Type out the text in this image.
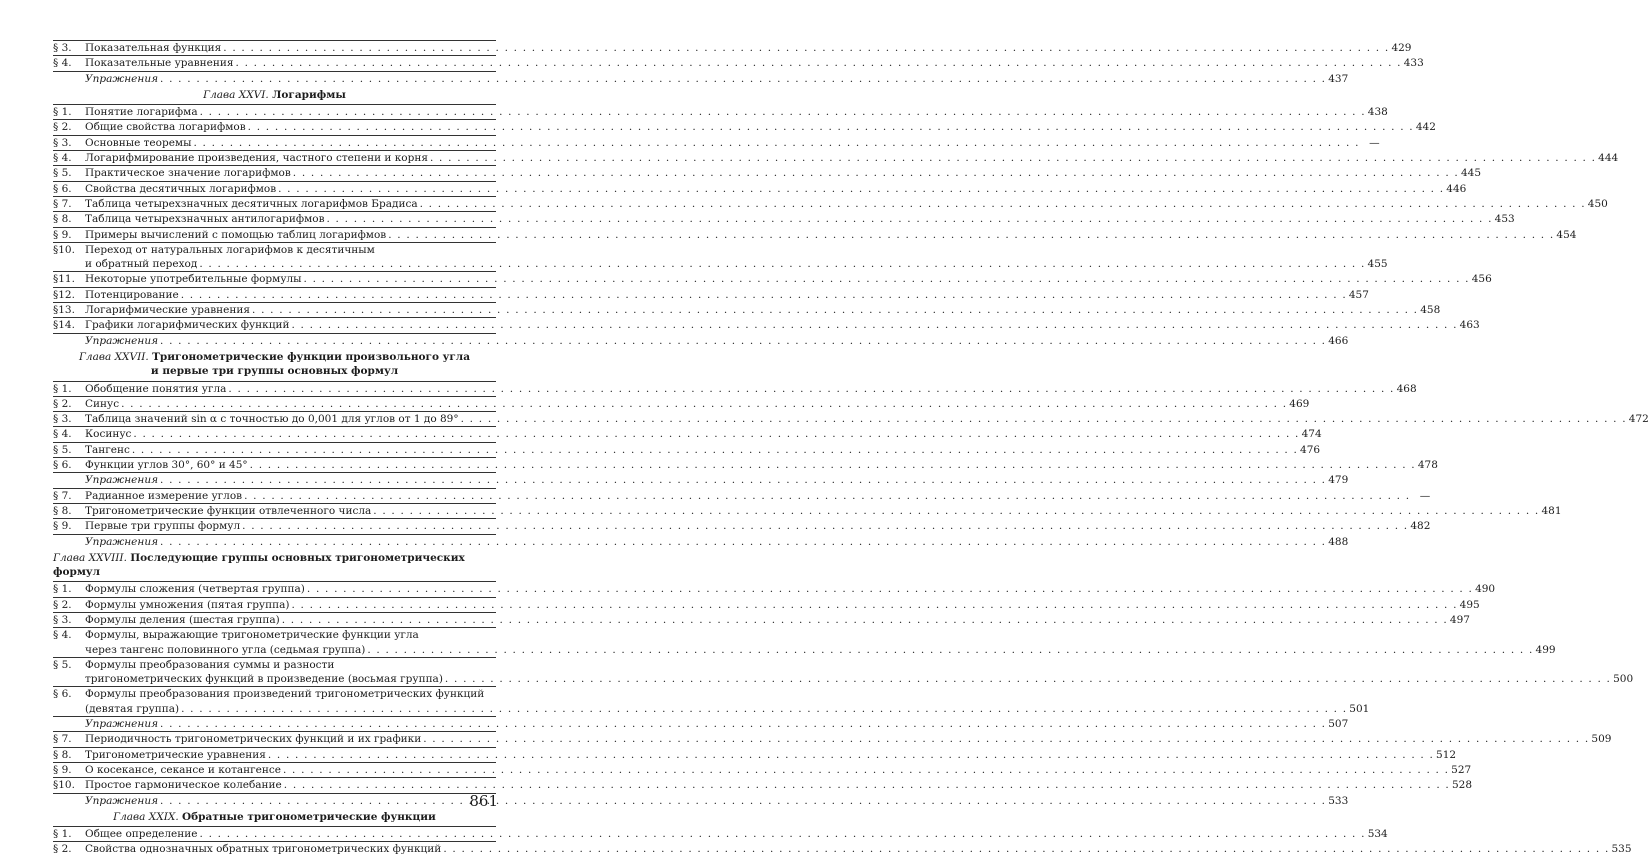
§ 3.	Показательная функция . . .	429
§ 4.	Показательные уравнения . . .	433
Упражнения . . .	437
Глава XXVI. Логарифмы
§ 1.	Понятие логарифма . . .	438
§ 2.	Общие свойства логарифмов . . .	442
§ 3.	Основные теоремы . . .	—
§ 4.	Логарифмирование произведения, частного степени и корня . . .	444
§ 5.	Практическое значение логарифмов . . .	445
§ 6.	Свойства десятичных логарифмов . . .	446
§ 7.	Таблица четырехзначных десятичных логарифмов Брадиса . . .	450
§ 8.	Таблица четырехзначных антилогарифмов . . .	453
§ 9.	Примеры вычислений с помощью таблиц логарифмов . . .	454
§10. Переход от натуральных логарифмов к десятичным
и обратный переход . . .	455
§11. Некоторые употребительные формулы . . .	456
§12. Потенцирование . . .	457
§13. Логарифмические уравнения . . .	458
§14. Графики логарифмических функций . . .	463
Упражнения . . .	466
Глава XXVII. Тригонометрические функции произвольного угла
и первые три группы основных формул
§ 1.	Обобщение понятия угла . . .	468
§ 2.	Синус . . .	469
§ 3.	Таблица значений sin α с точностью до 0,001 для углов от 1 до 89° . . .	472
§ 4.	Косинус . . .	474
§ 5.	Тангенс . . .	476
§ 6.	Функции углов 30°, 60° и 45° . . .	478
Упражнения . . .	479
§ 7.	Радианное измерение углов . . .	—
§ 8.	Тригонометрические функции отвлеченного числа . . .	481
§ 9.	Первые три группы формул . . .	482
Упражнения . . .	488
Глава XXVIII. Последующие группы основных тригонометрических формул
§ 1.	Формулы сложения (четвертая группа) . . .	490
§ 2.	Формулы умножения (пятая группа) . . .	495
§ 3.	Формулы деления (шестая группа) . . .	497
§ 4.	Формулы, выражающие тригонометрические функции угла
через тангенс половинного угла (седьмая группа) . . .	499
§ 5.	Формулы преобразования суммы и разности
тригонометрических функций в произведение (восьмая группа) . . .	500
§ 6.	Формулы преобразования произведений тригонометрических функций
(девятая группа) . . .	501
Упражнения . . .	507
§ 7.	Периодичность тригонометрических функций и их графики . . .	509
§ 8.	Тригонометрические уравнения . . .	512
§ 9.	О косекансе, секансе и котангенсе . . .	527
§10. Простое гармоническое колебание . . .	528
Упражнения . . .	533
Глава XXIX. Обратные тригонометрические функции
§ 1.	Общее определение . . .	534
§ 2.	Свойства однозначных обратных тригонометрических функций . . .	535
861
